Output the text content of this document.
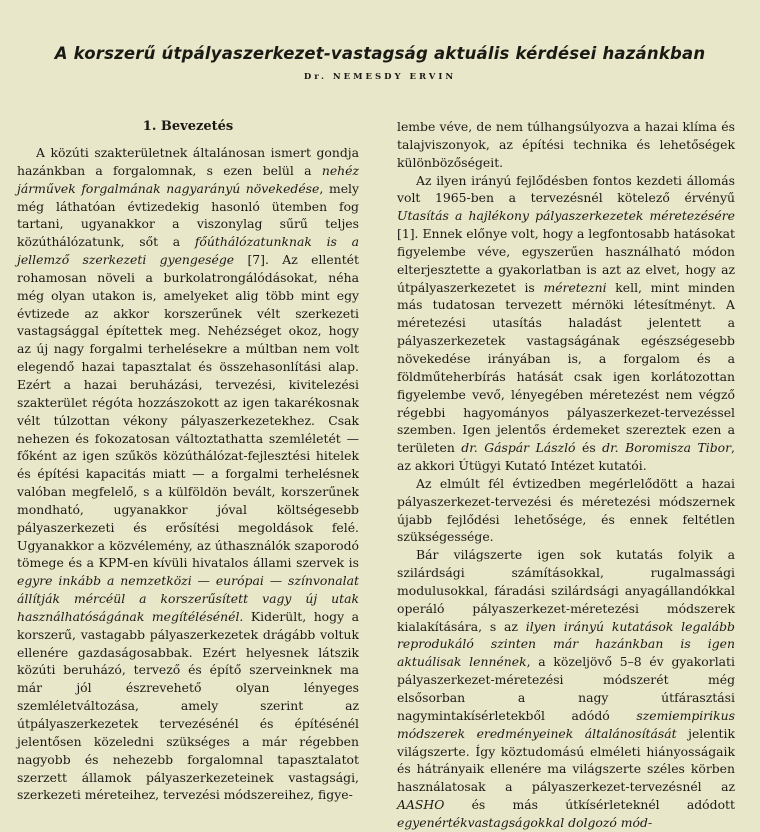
A korszerű útpályaszerkezet-vastagság aktuális kérdései hazánkban
Dr. NEMESDY ERVIN
1. Bevezetés

A közúti szakterületnek általánosan ismert gondja hazánkban a forgalomnak, s ezen belül a nehéz járművek forgalmának nagyarányú növekedése, mely még láthatóan évtizedekig hasonló ütemben fog tartani, ugyanakkor a viszonylag sűrű teljes közúthálózatunk, sőt a főúthálózatunknak is a jellemző szerkezeti gyengesége [7]. Az ellentét rohamosan növeli a burkolatrongálódásokat, néha még olyan utakon is, amelyeket alig több mint egy évtizede az akkor korszerűnek vélt szerkezeti vastagsággal építettek meg. Nehézséget okoz, hogy az új nagy forgalmi terhelésekre a múltban nem volt elegendő hazai tapasztalat és összehasonlítási alap. Ezért a hazai beruházási, tervezési, kivitelezési szakterület régóta hozzászokott az igen takarékosnak vélt túlzottan vékony pályaszerkezetekhez. Csak nehezen és fokozatosan változtathatta szemléletét — főként az igen szűkös közúthálózat-fejlesztési hitelek és építési kapacitás miatt — a forgalmi terhelésnek valóban megfelelő, s a külföldön bevált, korszerűnek mondható, ugyanakkor jóval költségesebb pályaszerkezeti és erősítési megoldások felé. Ugyanakkor a közvélemény, az úthasználók szaporodó tömege és a KPM-en kívüli hivatalos állami szervek is egyre inkább a nemzetközi — európai — színvonalat állítják mércéül a korszerűsített vagy új utak használhatóságának megítélésénél. Kiderült, hogy a korszerű, vastagabb pályaszerkezetek drágább voltuk ellenére gazdaságosabbak. Ezért helyesnek látszik közúti beruházó, tervező és építő szerveinknek ma már jól észrevehető olyan lényeges szemléletváltozása, amely szerint az útpályaszerkezetek tervezésénél és építésénél jelentősen közeledni szükséges a már régebben nagyobb és nehezebb forgalomnal tapasztalatot szerzett államok pályaszerkezeteinek vastagsági, szerkezeti méreteihez, tervezési módszereihez, figye-

lembe véve, de nem túlhangsúlyozva a hazai klíma és talajviszonyok, az építési technika és lehetőségek különbözőségeit.

Az ilyen irányú fejlődésben fontos kezdeti állomás volt 1965-ben a tervezésnél kötelező érvényű Utasítás a hajlékony pályaszerkezetek méretezésére [1]. Ennek előnye volt, hogy a legfontosabb hatásokat figyelembe véve, egyszerűen használható módon elterjesztette a gyakorlatban is azt az elvet, hogy az útpályaszerkezetet is méretezni kell, mint minden más tudatosan tervezett mérnöki létesítményt. A méretezési utasítás haladást jelentett a pályaszerkezetek vastagságának egészségesebb növekedése irányában is, a forgalom és a földműteherbírás hatását csak igen korlátozottan figyelembe vevő, lényegében méretezést nem végző régebbi hagyományos pályaszerkezet-tervezéssel szemben. Igen jelentős érdemeket szereztek ezen a területen dr. Gáspár László és dr. Boromisza Tibor, az akkori Útügyi Kutató Intézet kutatói.

Az elmúlt fél évtizedben megérlelődött a hazai pályaszerkezet-tervezési és méretezési módszernek újabb fejlődési lehetősége, és ennek feltétlen szükségessége.

Bár világszerte igen sok kutatás folyik a szilárdsági számításokkal, rugalmassági modulusokkal, fáradási szilárdsági anyagállandókkal operáló pályaszerkezet-méretezési módszerek kialakítására, s az ilyen irányú kutatások legalább reprodukáló szinten már hazánkban is igen aktuálisak lennének, a közeljövő 5–8 év gyakorlati pályaszerkezet-méretezési módszerét még elsősorban a nagy útfárasztási nagymintakísérletekből adódó szemiempirikus módszerek eredményeinek általánosítását jelentik világszerte. Így köztudomású elméleti hiányosságaik és hátrányaik ellenére ma világszerte széles körben használatosak a pályaszerkezet-tervezésnél az AASHO és más útkísérleteknél adódott egyenértékvastagságokkal dolgozó mód-
